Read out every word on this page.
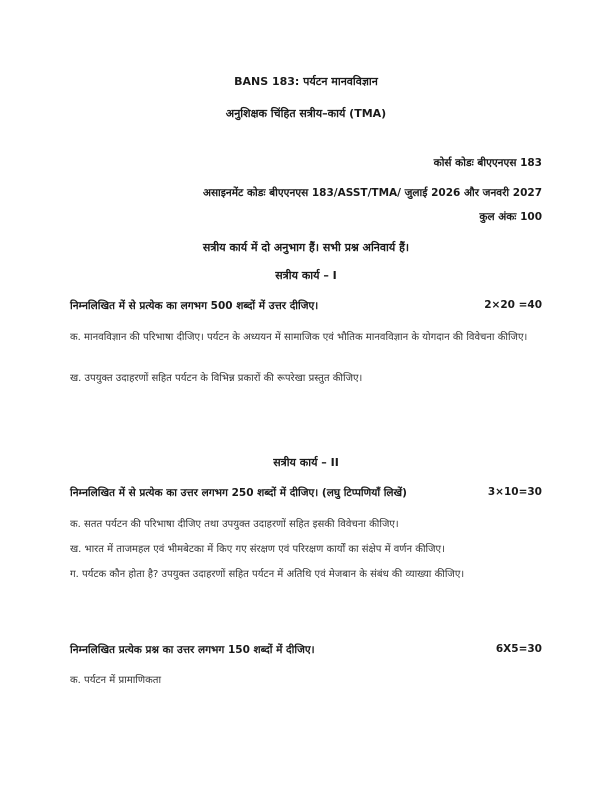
BANS 183: पर्यटन मानवविज्ञान
अनुशिक्षक चिंहित सत्रीय–कार्य (TMA)
कोर्स कोडः बीएएनएस 183
असाइनमेंट कोडः बीएएनएस 183/ASST/TMA/ जुलाई 2026 और जनवरी 2027
कुल अंकः 100
सत्रीय कार्य में दो अनुभाग हैं। सभी प्रश्न अनिवार्य हैं।
सत्रीय कार्य – I
निम्नलिखित में से प्रत्येक का लगभग 500 शब्दों में उत्तर दीजिए।	2×20 =40
क. मानवविज्ञान की परिभाषा दीजिए। पर्यटन के अध्ययन में सामाजिक एवं भौतिक मानवविज्ञान के योगदान की विवेचना कीजिए।
ख. उपयुक्त उदाहरणों सहित पर्यटन के विभिन्न प्रकारों की रूपरेखा प्रस्तुत कीजिए।
सत्रीय कार्य – II
निम्नलिखित में से प्रत्येक का उत्तर लगभग 250 शब्दों में दीजिए। (लघु टिप्पणियाँ लिखें)	3×10=30
क. सतत पर्यटन की परिभाषा दीजिए तथा उपयुक्त उदाहरणों सहित इसकी विवेचना कीजिए।
ख. भारत में ताजमहल एवं भीमबेटका में किए गए संरक्षण एवं परिरक्षण कार्यों का संक्षेप में वर्णन कीजिए।
ग. पर्यटक कौन होता है? उपयुक्त उदाहरणों सहित पर्यटन में अतिथि एवं मेजबान के संबंध की व्याख्या कीजिए।
निम्नलिखित प्रत्येक प्रश्न का उत्तर लगभग 150 शब्दों में दीजिए।	6X5=30
क. पर्यटन में प्रामाणिकता
